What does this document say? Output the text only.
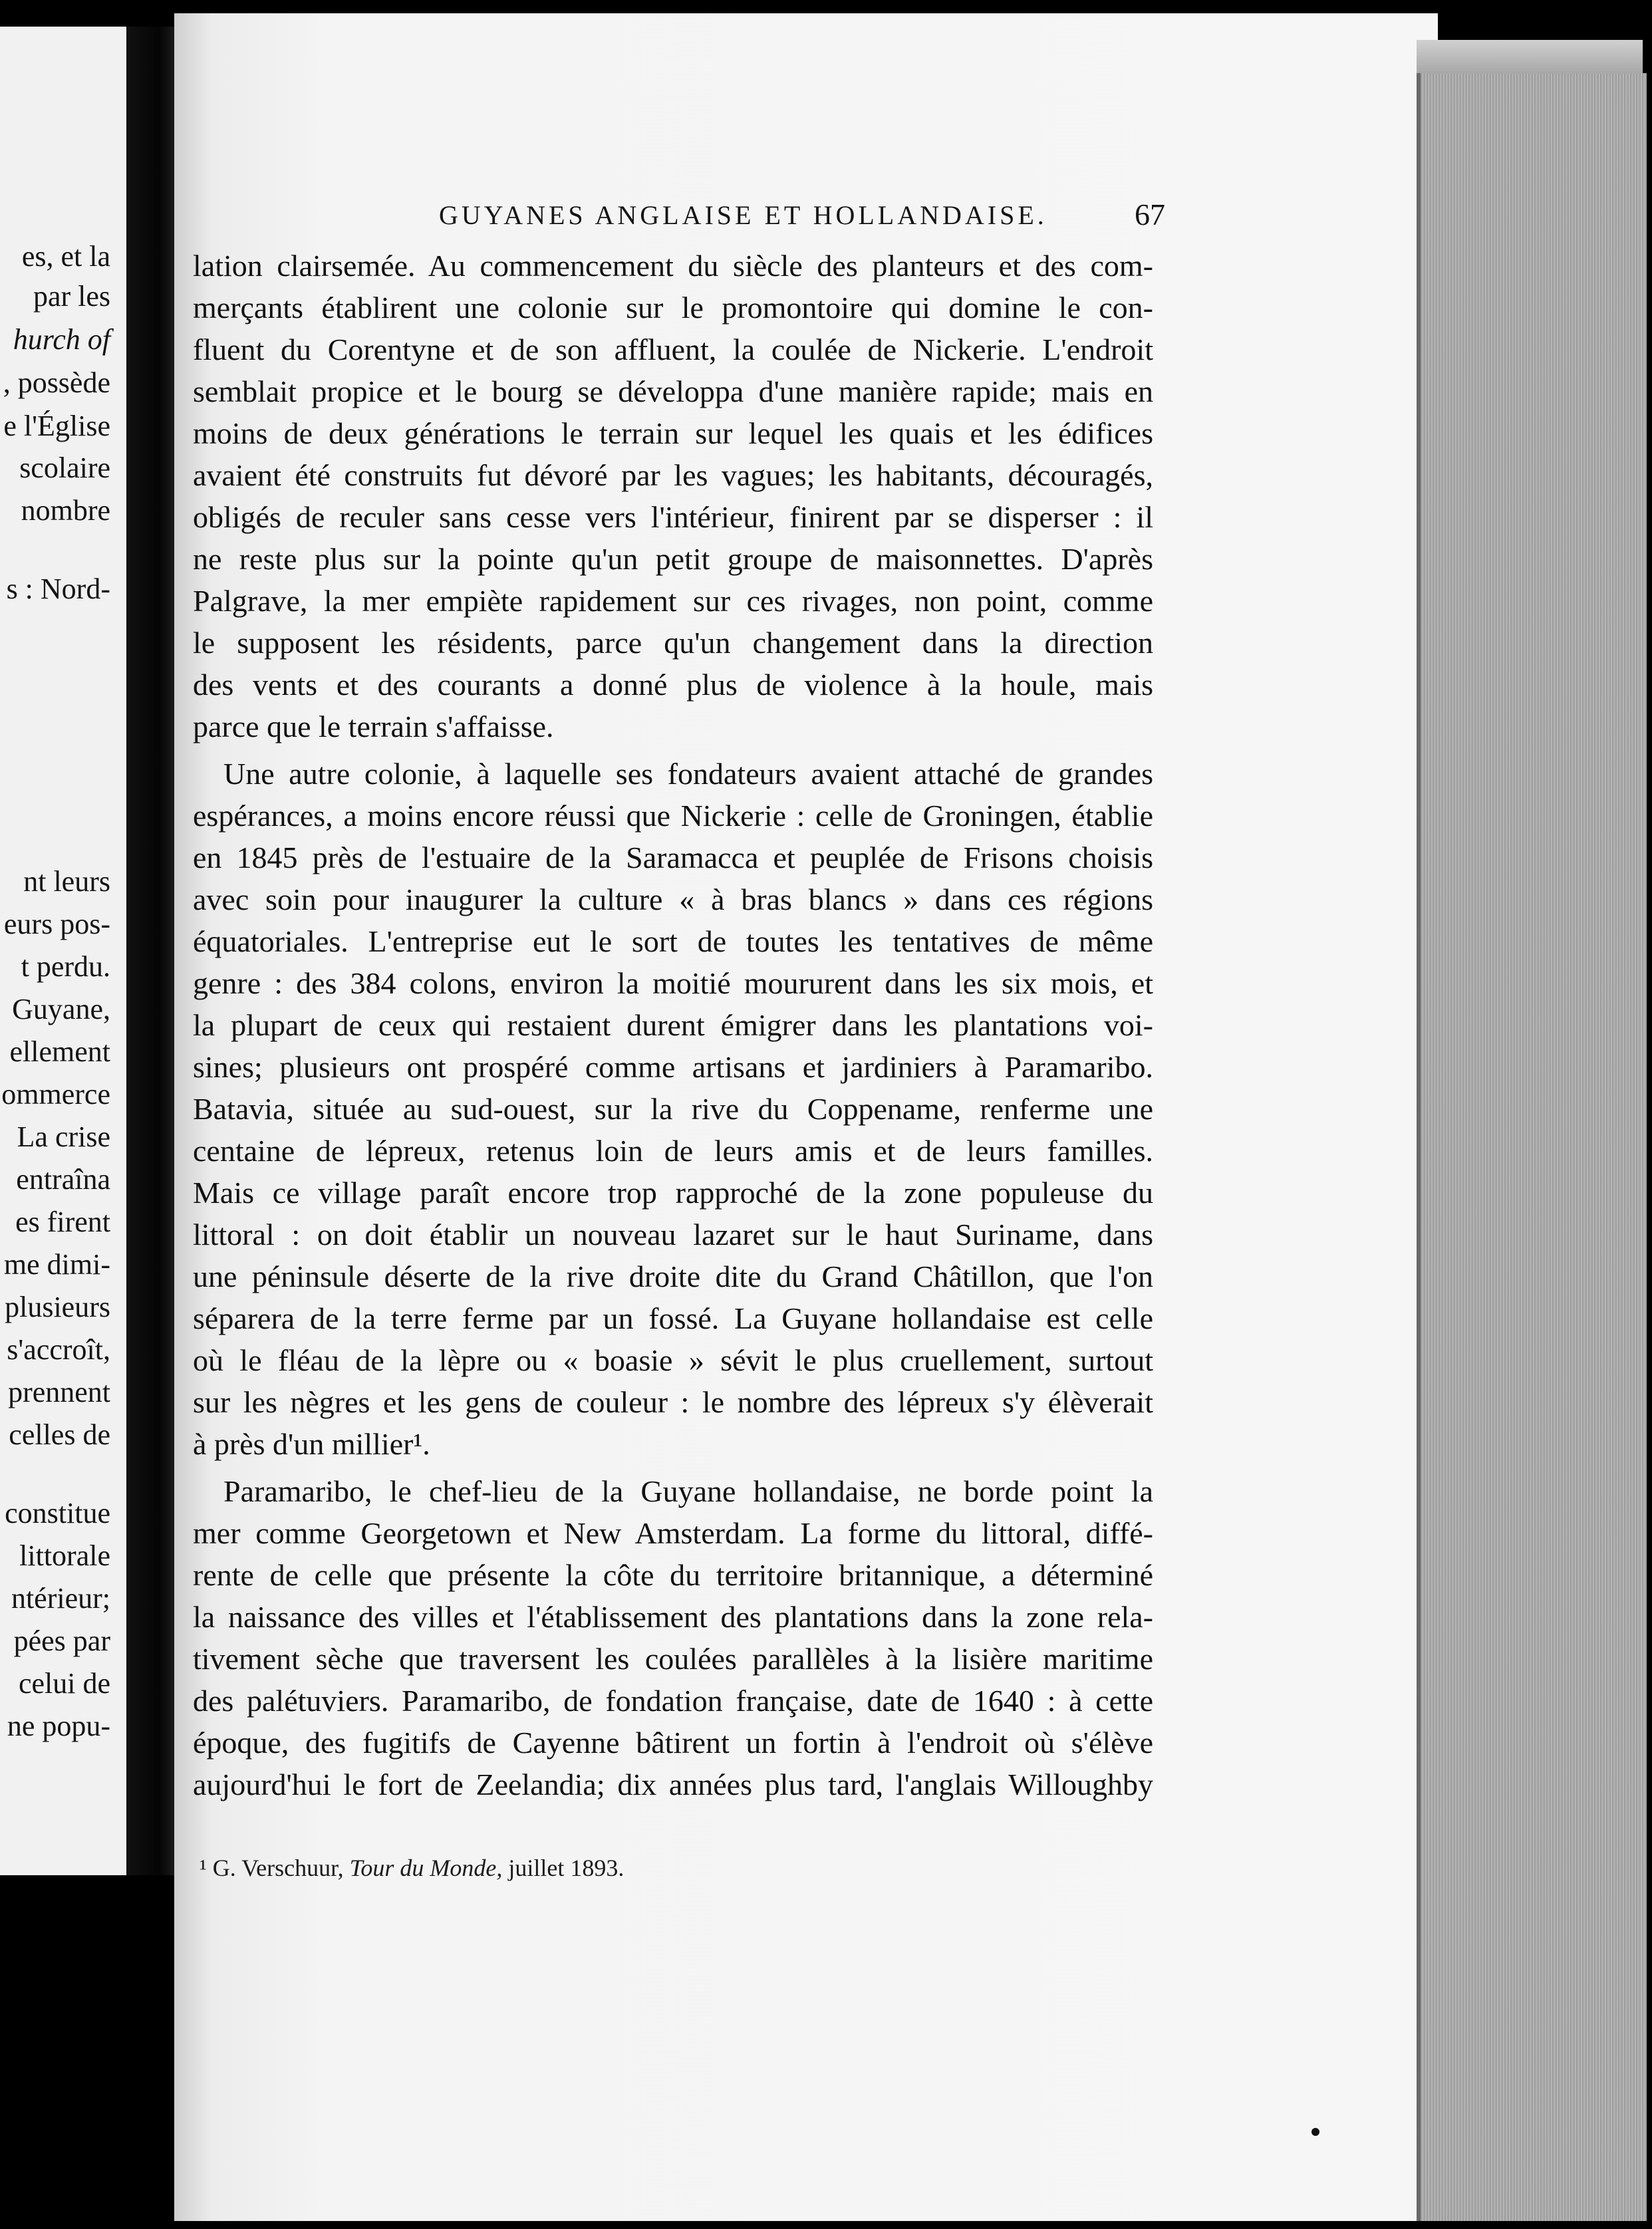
es, et la
par les
hurch of
, possède
e l'Église
scolaire
nombre
s : Nord-
nt leurs
eurs pos-
t perdu.
Guyane,
ellement
ommerce
La crise
entraîna
es firent
me dimi-
plusieurs
s'accroît,
prennent
celles de
constitue
littorale
ntérieur;
pées par
celui de
ne popu-
GUYANES ANGLAISE ET HOLLANDAISE.	67
lation clairsemée. Au commencement du siècle des planteurs et des com-
merçants établirent une colonie sur le promontoire qui domine le con-
fluent du Corentyne et de son affluent, la coulée de Nickerie. L'endroit
semblait propice et le bourg se développa d'une manière rapide; mais en
moins de deux générations le terrain sur lequel les quais et les édifices
avaient été construits fut dévoré par les vagues; les habitants, découragés,
obligés de reculer sans cesse vers l'intérieur, finirent par se disperser : il
ne reste plus sur la pointe qu'un petit groupe de maisonnettes. D'après
Palgrave, la mer empiète rapidement sur ces rivages, non point, comme
le supposent les résidents, parce qu'un changement dans la direction
des vents et des courants a donné plus de violence à la houle, mais
parce que le terrain s'affaisse.
Une autre colonie, à laquelle ses fondateurs avaient attaché de grandes
espérances, a moins encore réussi que Nickerie : celle de Groningen, établie
en 1845 près de l'estuaire de la Saramacca et peuplée de Frisons choisis
avec soin pour inaugurer la culture « à bras blancs » dans ces régions
équatoriales. L'entreprise eut le sort de toutes les tentatives de même
genre : des 384 colons, environ la moitié moururent dans les six mois, et
la plupart de ceux qui restaient durent émigrer dans les plantations voi-
sines; plusieurs ont prospéré comme artisans et jardiniers à Paramaribo.
Batavia, située au sud-ouest, sur la rive du Coppename, renferme une
centaine de lépreux, retenus loin de leurs amis et de leurs familles.
Mais ce village paraît encore trop rapproché de la zone populeuse du
littoral : on doit établir un nouveau lazaret sur le haut Suriname, dans
une péninsule déserte de la rive droite dite du Grand Châtillon, que l'on
séparera de la terre ferme par un fossé. La Guyane hollandaise est celle
où le fléau de la lèpre ou « boasie » sévit le plus cruellement, surtout
sur les nègres et les gens de couleur : le nombre des lépreux s'y élèverait
à près d'un millier¹.
Paramaribo, le chef-lieu de la Guyane hollandaise, ne borde point la
mer comme Georgetown et New Amsterdam. La forme du littoral, diffé-
rente de celle que présente la côte du territoire britannique, a déterminé
la naissance des villes et l'établissement des plantations dans la zone rela-
tivement sèche que traversent les coulées parallèles à la lisière maritime
des palétuviers. Paramaribo, de fondation française, date de 1640 : à cette
époque, des fugitifs de Cayenne bâtirent un fortin à l'endroit où s'élève
aujourd'hui le fort de Zeelandia; dix années plus tard, l'anglais Willoughby
¹ G. Verschuur, Tour du Monde, juillet 1893.
